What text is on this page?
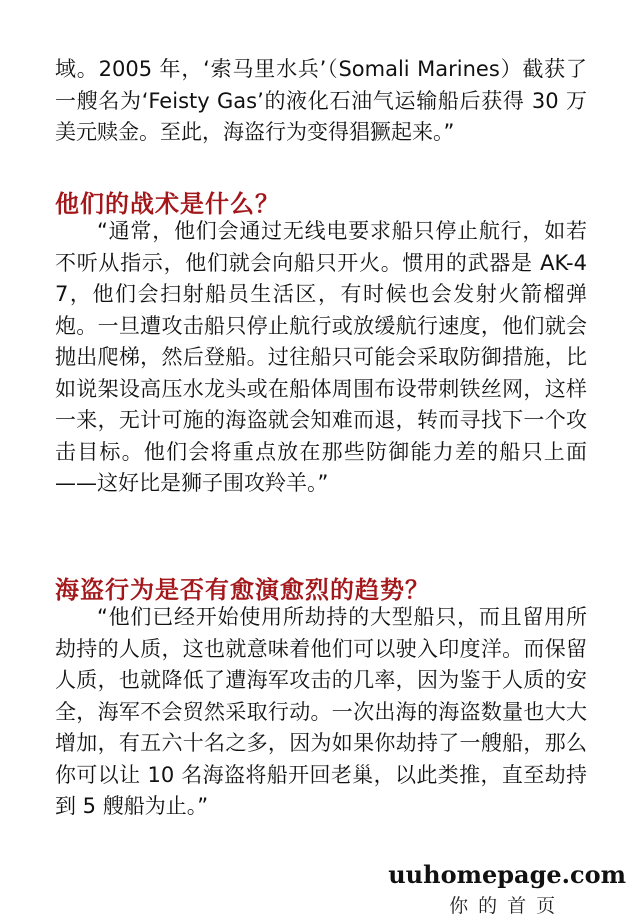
域。2005 年，‘索马里水兵’（Somali Marines）截获了一艘名为‘Feisty Gas’的液化石油气运输船后获得 30 万美元赎金。至此，海盗行为变得猖獗起来。”

他们的战术是什么？

“通常，他们会通过无线电要求船只停止航行，如若不听从指示，他们就会向船只开火。惯用的武器是 AK-47，他们会扫射船员生活区，有时候也会发射火箭榴弹炮。一旦遭攻击船只停止航行或放缓航行速度，他们就会抛出爬梯，然后登船。过往船只可能会采取防御措施，比如说架设高压水龙头或在船体周围布设带刺铁丝网，这样一来，无计可施的海盗就会知难而退，转而寻找下一个攻击目标。他们会将重点放在那些防御能力差的船只上面——这好比是狮子围攻羚羊。”

海盗行为是否有愈演愈烈的趋势？

“他们已经开始使用所劫持的大型船只，而且留用所劫持的人质，这也就意味着他们可以驶入印度洋。而保留人质，也就降低了遭海军攻击的几率，因为鉴于人质的安全，海军不会贸然采取行动。一次出海的海盗数量也大大增加，有五六十名之多，因为如果你劫持了一艘船，那么你可以让 10 名海盗将船开回老巢，以此类推，直至劫持到 5 艘船为止。”

uuhomepage.com
你的首页
